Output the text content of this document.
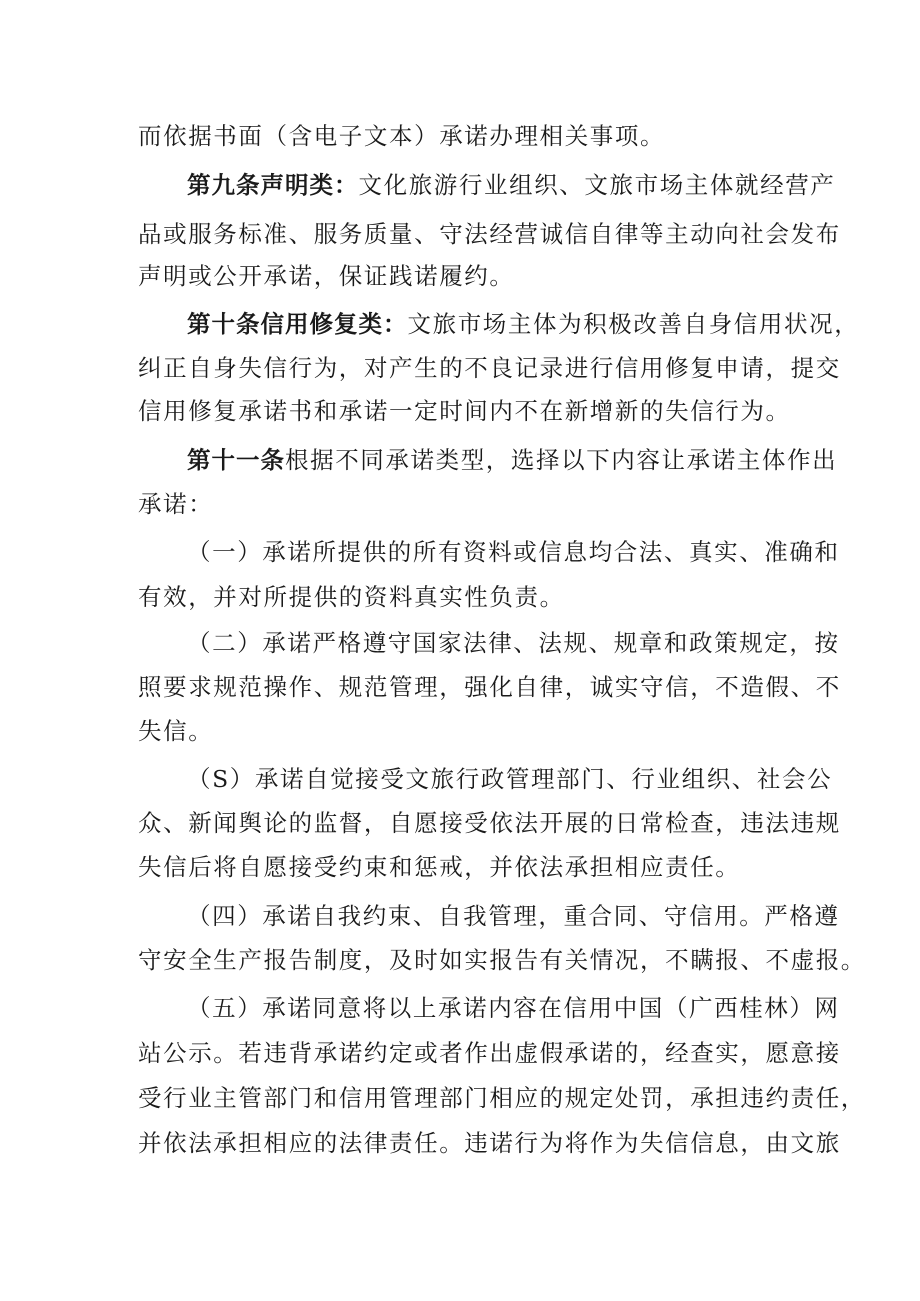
而依据书面（含电子文本）承诺办理相关事项。
第九条声明类：文化旅游行业组织、文旅市场主体就经营产
品或服务标准、服务质量、守法经营诚信自律等主动向社会发布
声明或公开承诺，保证践诺履约。
第十条信用修复类：文旅市场主体为积极改善自身信用状况，
纠正自身失信行为，对产生的不良记录进行信用修复申请，提交
信用修复承诺书和承诺一定时间内不在新增新的失信行为。
第十一条根据不同承诺类型，选择以下内容让承诺主体作出
承诺：
（一）承诺所提供的所有资料或信息均合法、真实、准确和
有效，并对所提供的资料真实性负责。
（二）承诺严格遵守国家法律、法规、规章和政策规定，按
照要求规范操作、规范管理，强化自律，诚实守信，不造假、不
失信。
（S）承诺自觉接受文旅行政管理部门、行业组织、社会公
众、新闻舆论的监督，自愿接受依法开展的日常检查，违法违规
失信后将自愿接受约束和惩戒，并依法承担相应责任。
（四）承诺自我约束、自我管理，重合同、守信用。严格遵
守安全生产报告制度，及时如实报告有关情况，不瞒报、不虚报。
（五）承诺同意将以上承诺内容在信用中国（广西桂林）网
站公示。若违背承诺约定或者作出虚假承诺的，经查实，愿意接
受行业主管部门和信用管理部门相应的规定处罚，承担违约责任，
并依法承担相应的法律责任。违诺行为将作为失信信息，由文旅
